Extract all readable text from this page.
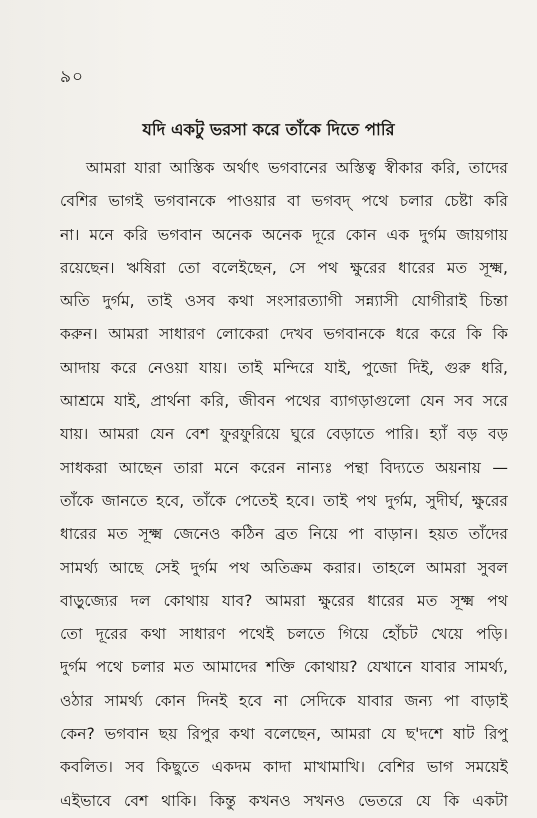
৯০
যদি একটু ভরসা করে তাঁকে দিতে পারি
আমরা যারা আস্তিক অর্থাৎ ভগবানের অস্তিত্ব স্বীকার করি, তাদের
বেশির ভাগই ভগবানকে পাওয়ার বা ভগবদ্ পথে চলার চেষ্টা করি
না। মনে করি ভগবান অনেক অনেক দূরে কোন এক দুর্গম জায়গায়
রয়েছেন। ঋষিরা তো বলেইছেন, সে পথ ক্ষুরের ধারের মত সূক্ষ্ম,
অতি দুর্গম, তাই ওসব কথা সংসারত্যাগী সন্ন্যাসী যোগীরাই চিন্তা
করুন। আমরা সাধারণ লোকেরা দেখব ভগবানকে ধরে করে কি কি
আদায় করে নেওয়া যায়। তাই মন্দিরে যাই, পুজো দিই, গুরু ধরি,
আশ্রমে যাই, প্রার্থনা করি, জীবন পথের ব্যাগড়াগুলো যেন সব সরে
যায়। আমরা যেন বেশ ফুরফুরিয়ে ঘুরে বেড়াতে পারি। হ্যাঁ বড় বড়
সাধকরা আছেন তারা মনে করেন নান্যঃ পন্থা বিদ্যতে অয়নায় —
তাঁকে জানতে হবে, তাঁকে পেতেই হবে। তাই পথ দুর্গম, সুদীর্ঘ, ক্ষুরের
ধারের মত সূক্ষ্ম জেনেও কঠিন ব্রত নিয়ে পা বাড়ান। হয়ত তাঁদের
সামর্থ্য আছে সেই দুর্গম পথ অতিক্রম করার। তাহলে আমরা সুবল
বাড়ুজ্যের দল কোথায় যাব? আমরা ক্ষুরের ধারের মত সূক্ষ্ম পথ
তো দূরের কথা সাধারণ পথেই চলতে গিয়ে হোঁচট খেয়ে পড়ি।
দুর্গম পথে চলার মত আমাদের শক্তি কোথায়? যেখানে যাবার সামর্থ্য,
ওঠার সামর্থ্য কোন দিনই হবে না সেদিকে যাবার জন্য পা বাড়াই
কেন? ভগবান ছয় রিপুর কথা বলেছেন, আমরা যে ছ'দশে ষাট রিপু
কবলিত। সব কিছুতে একদম কাদা মাখামাখি। বেশির ভাগ সময়েই
এইভাবে বেশ থাকি। কিন্তু কখনও সখনও ভেতরে যে কি একটা
